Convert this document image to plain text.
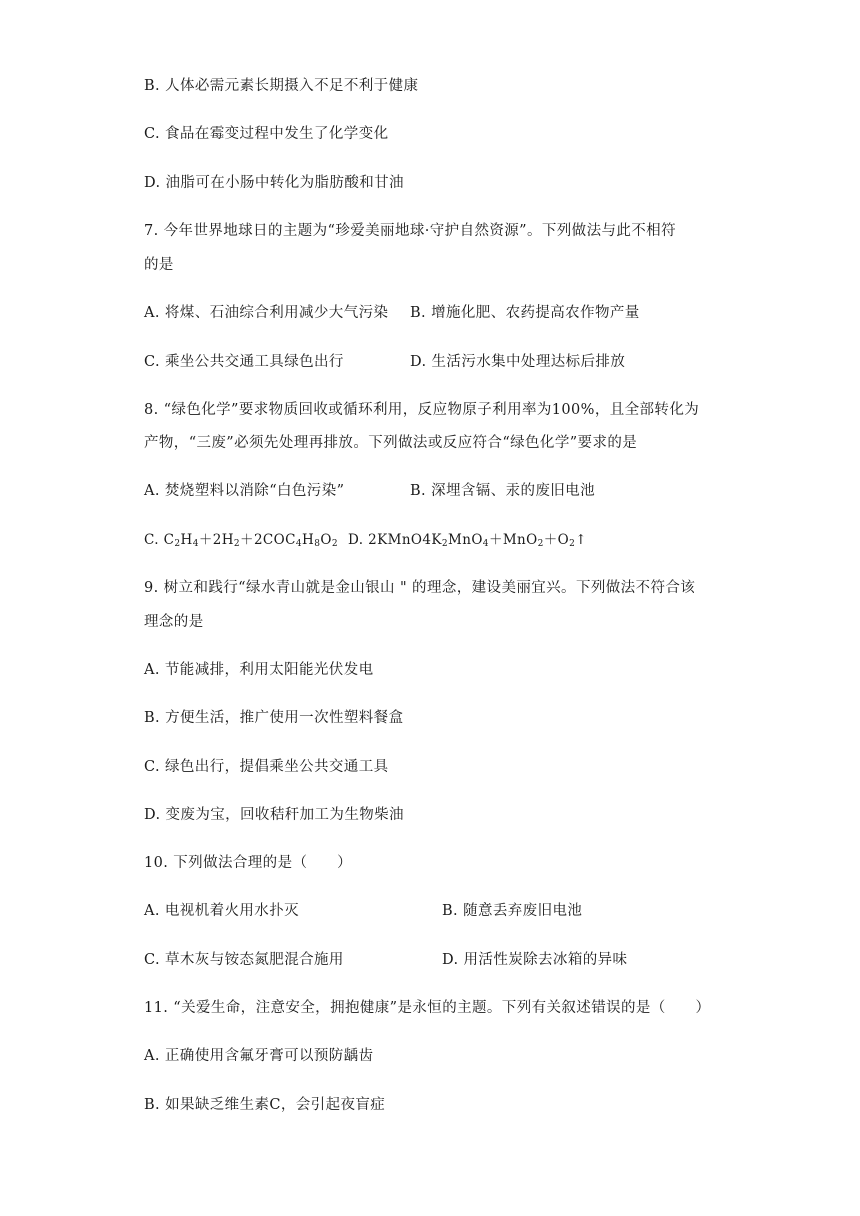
B. 人体必需元素长期摄入不足不利于健康
C. 食品在霉变过程中发生了化学变化
D. 油脂可在小肠中转化为脂肪酸和甘油
7. 今年世界地球日的主题为“珍爱美丽地球·守护自然资源”。下列做法与此不相符
的是
A. 将煤、石油综合利用减少大气污染 B. 增施化肥、农药提高农作物产量
C. 乘坐公共交通工具绿色出行	D. 生活污水集中处理达标后排放
8. “绿色化学”要求物质回收或循环利用，反应物原子利用率为100%，且全部转化为
产物，“三废”必须先处理再排放。下列做法或反应符合“绿色化学”要求的是
A. 焚烧塑料以消除“白色污染”	B. 深埋含镉、汞的废旧电池
C. $C_2H_4+2H_2+2COC_4H_8O_2$ D. $2KMnO4K_2MnO_4+MnO_2+O_2↑$
9. 树立和践行“绿水青山就是金山银山 " 的理念，建设美丽宜兴。下列做法不符合该
理念的是
A. 节能减排，利用太阳能光伏发电
B. 方便生活，推广使用一次性塑料餐盒
C. 绿色出行，提倡乘坐公共交通工具
D. 变废为宝，回收秸秆加工为生物柴油
10. 下列做法合理的是（　　）
A. 电视机着火用水扑灭	B. 随意丢弃废旧电池
C. 草木灰与铵态氮肥混合施用	D. 用活性炭除去冰箱的异味
11. “关爱生命，注意安全，拥抱健康”是永恒的主题。下列有关叙述错误的是（　　）
A. 正确使用含氟牙膏可以预防龋齿
B. 如果缺乏维生素C，会引起夜盲症
